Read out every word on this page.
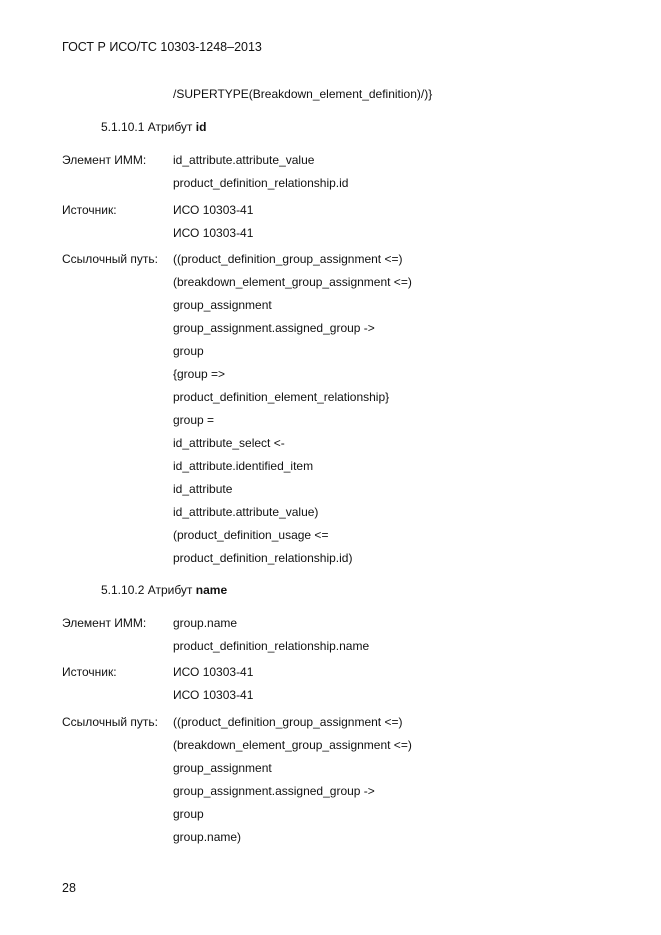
ГОСТ Р ИСО/ТС 10303-1248–2013
/SUPERTYPE(Breakdown_element_definition)/)}
5.1.10.1 Атрибут id
Элемент ИММ: id_attribute.attribute_value
product_definition_relationship.id
Источник:	ИСО 10303-41
ИСО 10303-41
Ссылочный путь: ((product_definition_group_assignment <=)
(breakdown_element_group_assignment <=)
group_assignment
group_assignment.assigned_group ->
group
{group =>
product_definition_element_relationship}
group =
id_attribute_select <-
id_attribute.identified_item
id_attribute
id_attribute.attribute_value)
(product_definition_usage <=
product_definition_relationship.id)
5.1.10.2 Атрибут name
Элемент ИММ: group.name
product_definition_relationship.name
Источник:	ИСО 10303-41
ИСО 10303-41
Ссылочный путь: ((product_definition_group_assignment <=)
(breakdown_element_group_assignment <=)
group_assignment
group_assignment.assigned_group ->
group
group.name)
28
